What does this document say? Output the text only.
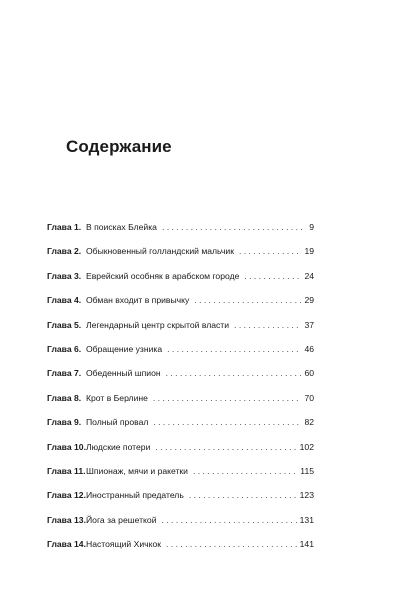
Содержание
Глава 1. В поисках Блейка . . .	9
Глава 2. Обыкновенный голландский мальчик . . .	19
Глава 3. Еврейский особняк в арабском городе . . .	24
Глава 4. Обман входит в привычку . . .	29
Глава 5. Легендарный центр скрытой власти . . .	37
Глава 6. Обращение узника . . .	46
Глава 7. Обеденный шпион . . .	60
Глава 8. Крот в Берлине . . .	70
Глава 9. Полный провал . . .	82
Глава 10. Людские потери . . .	102
Глава 11. Шпионаж, мячи и ракетки . . .	115
Глава 12. Иностранный предатель . . .	123
Глава 13. Йога за решеткой . . .	131
Глава 14. Настоящий Хичкок . . .	141
